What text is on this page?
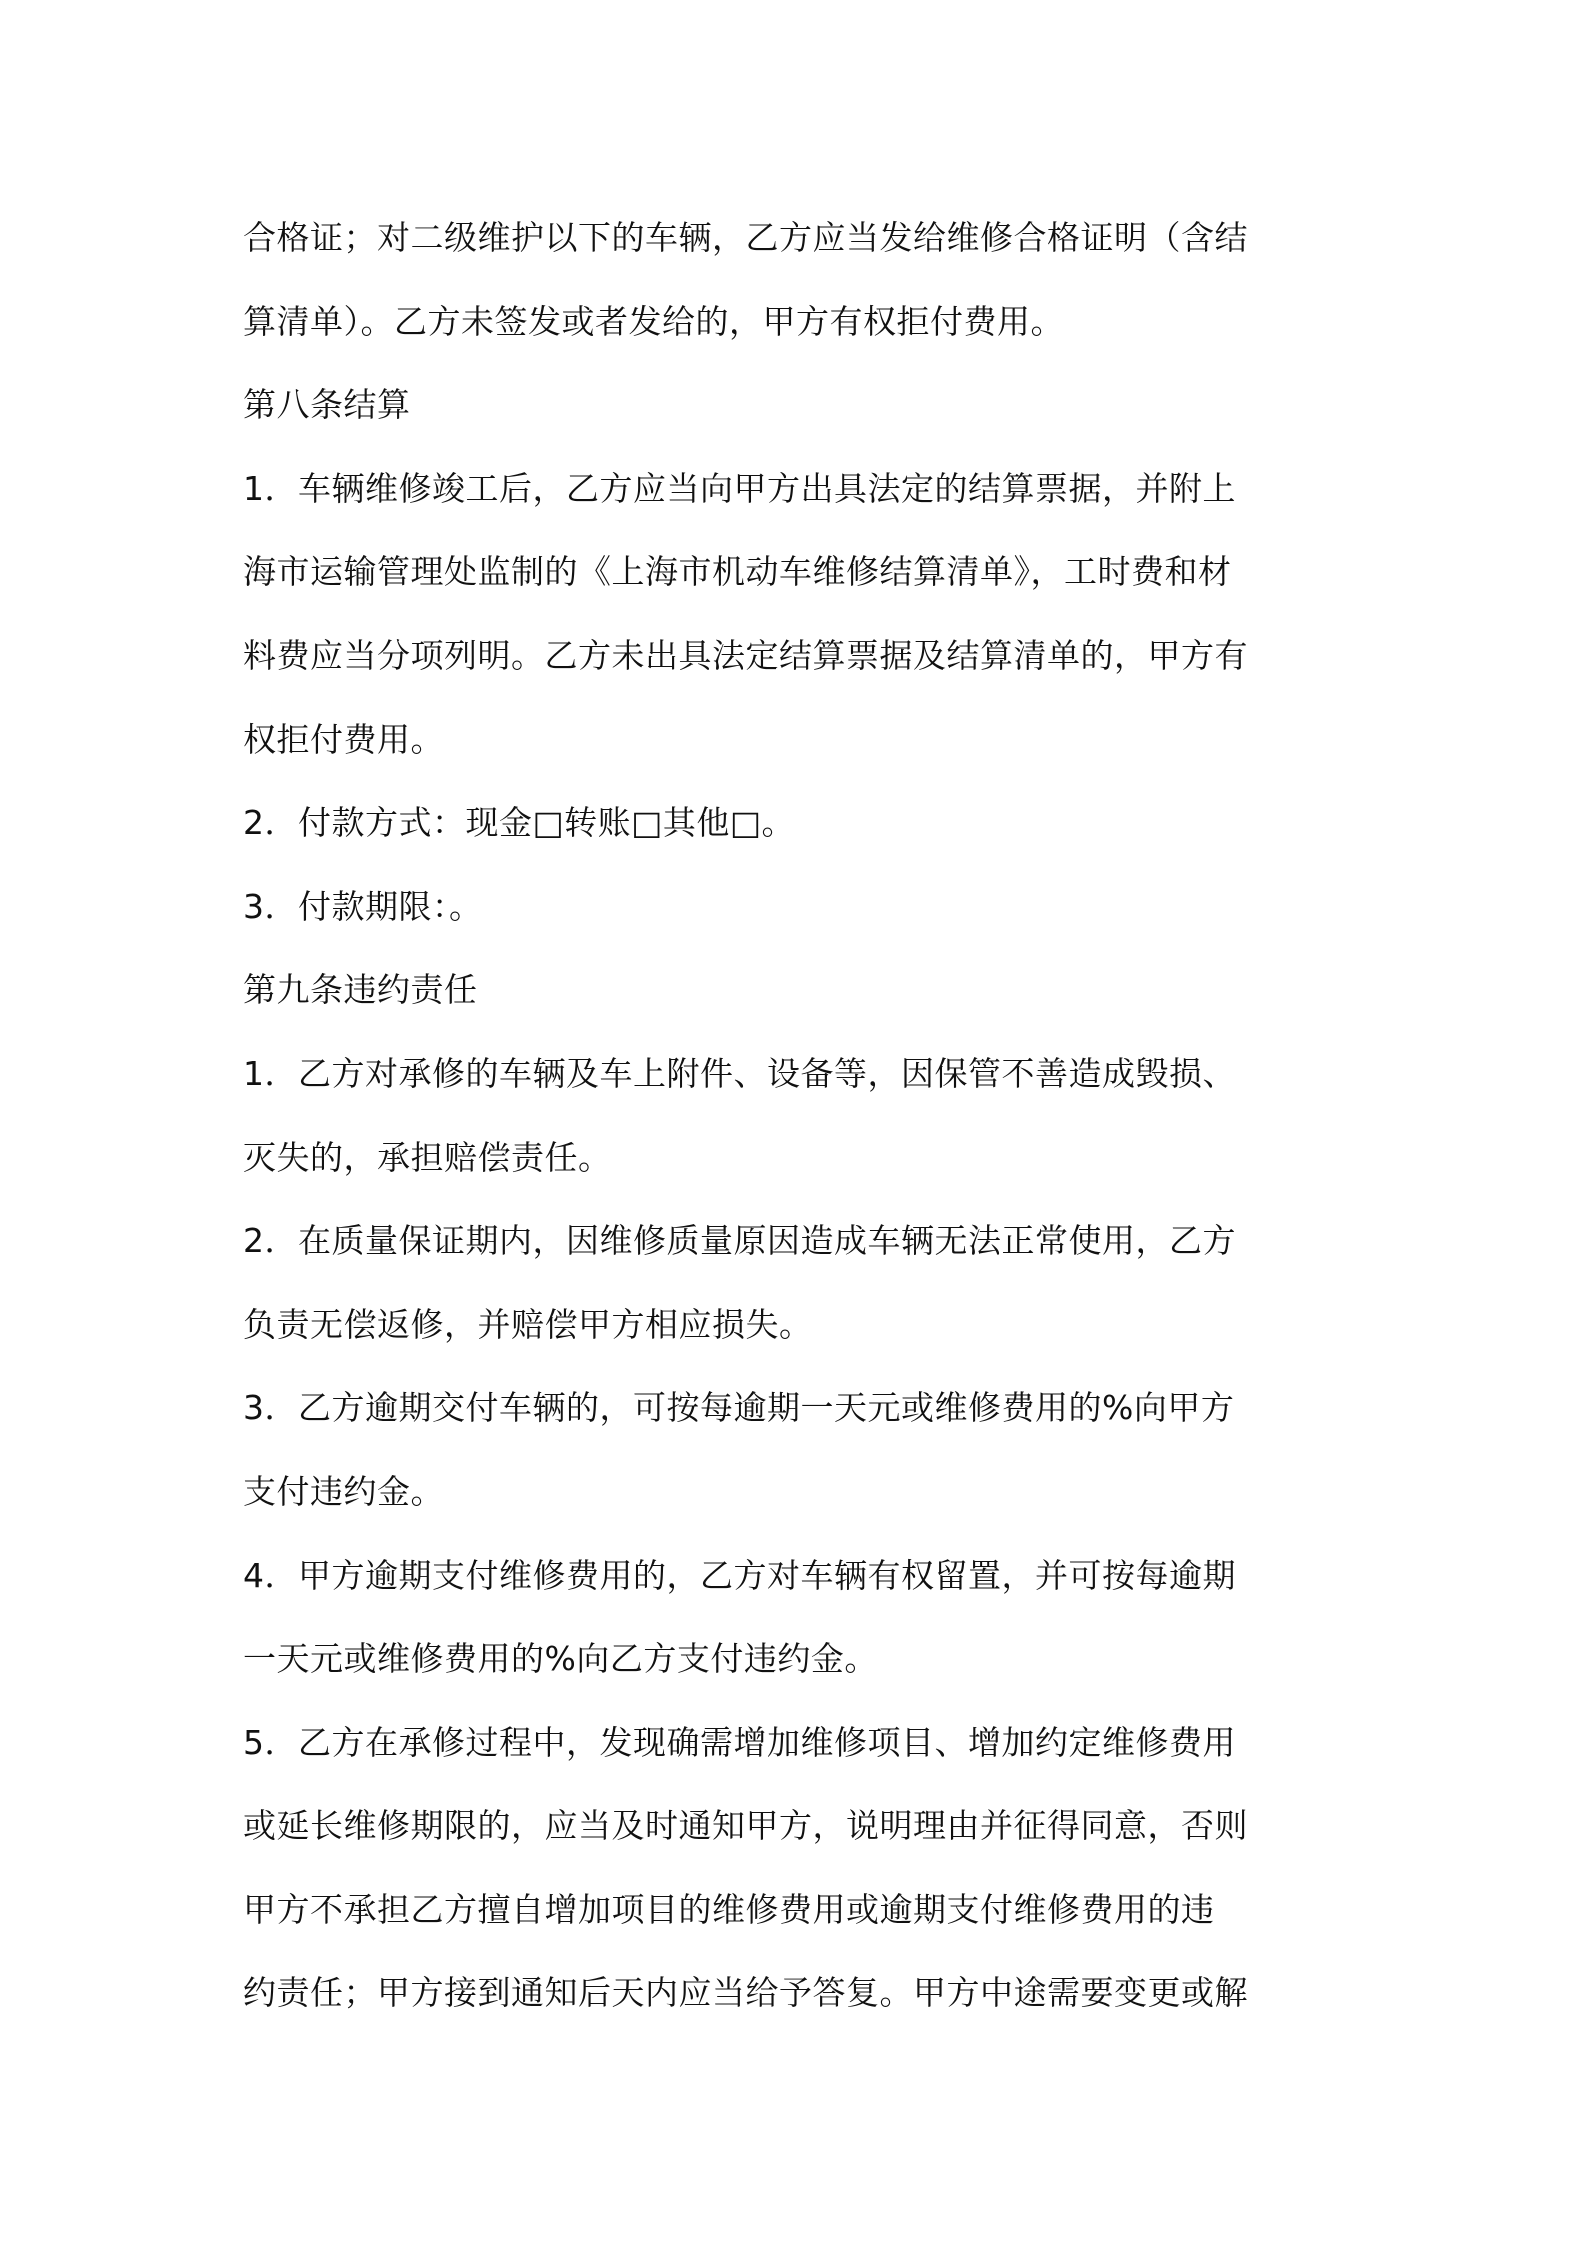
合格证；对二级维护以下的车辆，乙方应当发给维修合格证明（含结
算清单）。乙方未签发或者发给的，甲方有权拒付费用。

第八条结算

1．车辆维修竣工后，乙方应当向甲方出具法定的结算票据，并附上
海市运输管理处监制的《上海市机动车维修结算清单》，工时费和材
料费应当分项列明。乙方未出具法定结算票据及结算清单的，甲方有
权拒付费用。

2．付款方式：现金□转账□其他□。

3．付款期限：。

第九条违约责任

1．乙方对承修的车辆及车上附件、设备等，因保管不善造成毁损、
灭失的，承担赔偿责任。

2．在质量保证期内，因维修质量原因造成车辆无法正常使用，乙方
负责无偿返修，并赔偿甲方相应损失。

3．乙方逾期交付车辆的，可按每逾期一天元或维修费用的%向甲方
支付违约金。

4．甲方逾期支付维修费用的，乙方对车辆有权留置，并可按每逾期
一天元或维修费用的%向乙方支付违约金。

5．乙方在承修过程中，发现确需增加维修项目、增加约定维修费用
或延长维修期限的，应当及时通知甲方，说明理由并征得同意，否则
甲方不承担乙方擅自增加项目的维修费用或逾期支付维修费用的违
约责任；甲方接到通知后天内应当给予答复。甲方中途需要变更或解
